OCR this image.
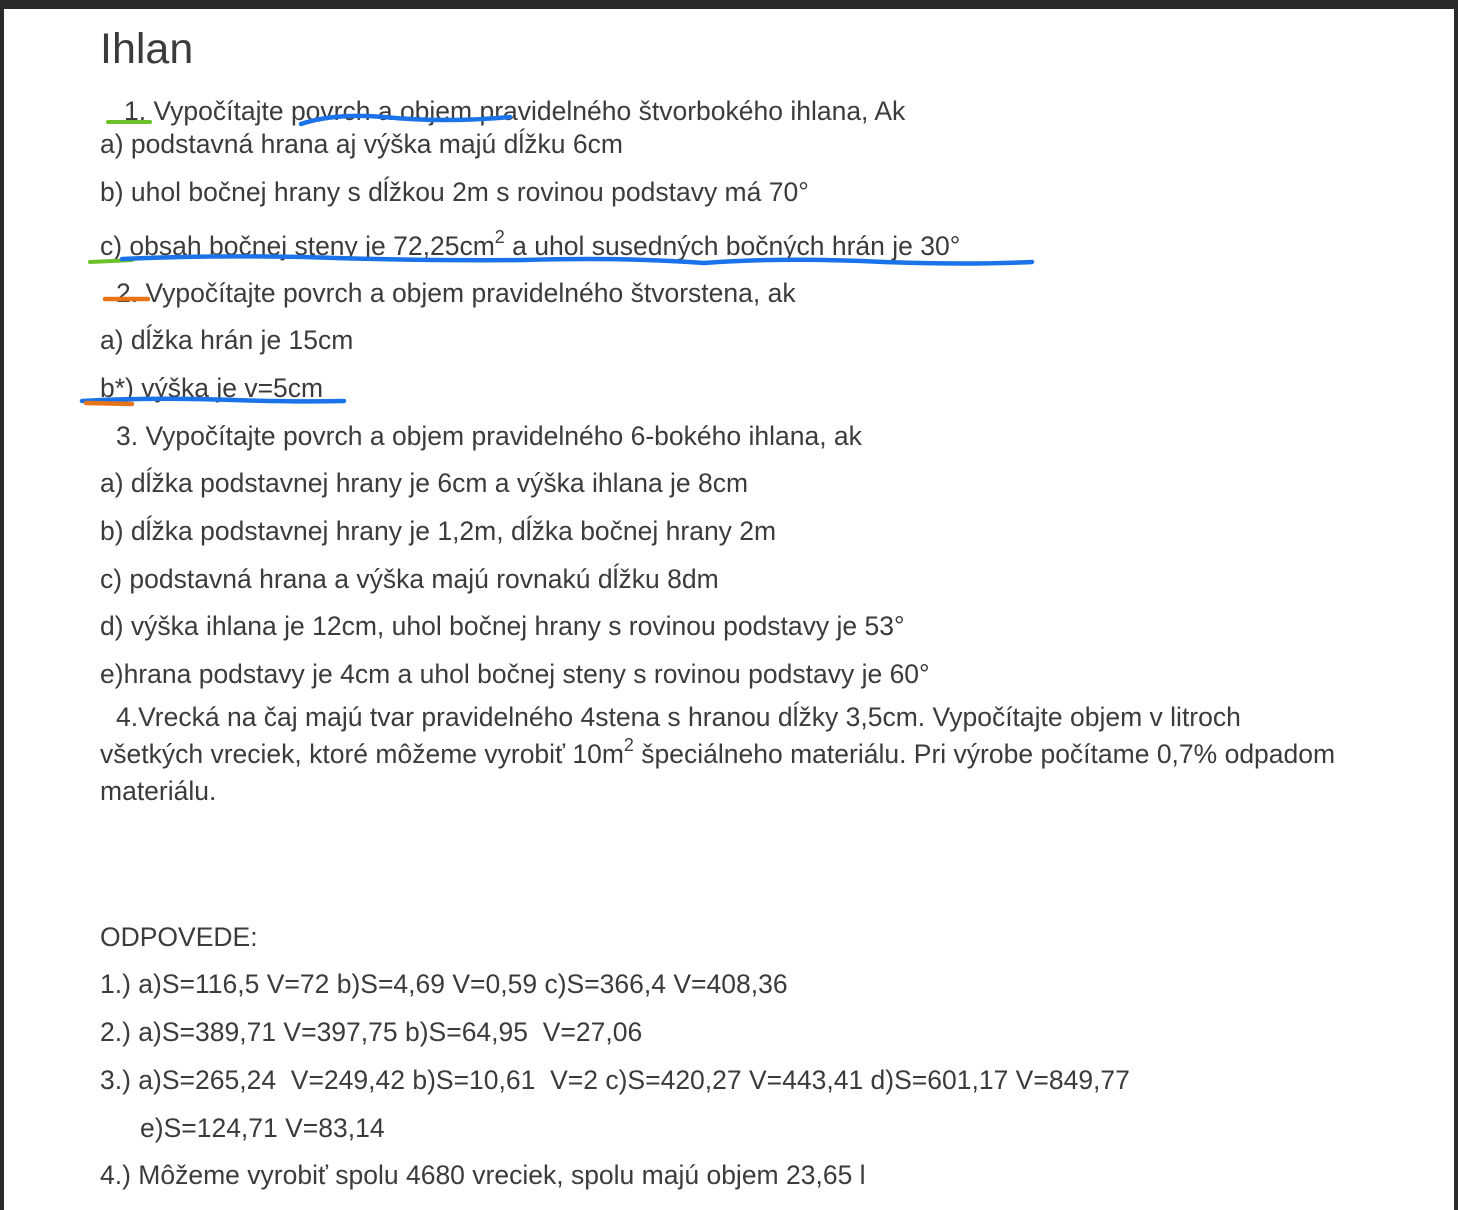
Ihlan
1. Vypočítajte povrch a objem pravidelného štvorbokého ihlana, Ak
a) podstavná hrana aj výška majú dĺžku 6cm
b) uhol bočnej hrany s dĺžkou 2m s rovinou podstavy má 70°
c) obsah bočnej steny je $72,25cm^2$ a uhol susedných bočných hrán je 30°
2. Vypočítajte povrch a objem pravidelného štvorstena, ak
a) dĺžka hrán je 15cm
b*) výška je v=5cm
3. Vypočítajte povrch a objem pravidelného 6-bokého ihlana, ak
a) dĺžka podstavnej hrany je 6cm a výška ihlana je 8cm
b) dĺžka podstavnej hrany je 1,2m, dĺžka bočnej hrany 2m
c) podstavná hrana a výška majú rovnakú dĺžku 8dm
d) výška ihlana je 12cm, uhol bočnej hrany s rovinou podstavy je 53°
e)hrana podstavy je 4cm a uhol bočnej steny s rovinou podstavy je 60°
4.Vrecká na čaj majú tvar pravidelného 4stena s hranou dĺžky 3,5cm. Vypočítajte objem v litroch všetkých vreciek, ktoré môžeme vyrobiť $10m^2$ špeciálneho materiálu. Pri výrobe počítame 0,7% odpadom materiálu.
ODPOVEDE:
1.) a)S=116,5 V=72 b)S=4,69 V=0,59 c)S=366,4 V=408,36
2.) a)S=389,71 V=397,75 b)S=64,95  V=27,06
3.) a)S=265,24  V=249,42 b)S=10,61  V=2 c)S=420,27 V=443,41 d)S=601,17 V=849,77
e)S=124,71 V=83,14
4.) Môžeme vyrobiť spolu 4680 vreciek, spolu majú objem 23,65 l
